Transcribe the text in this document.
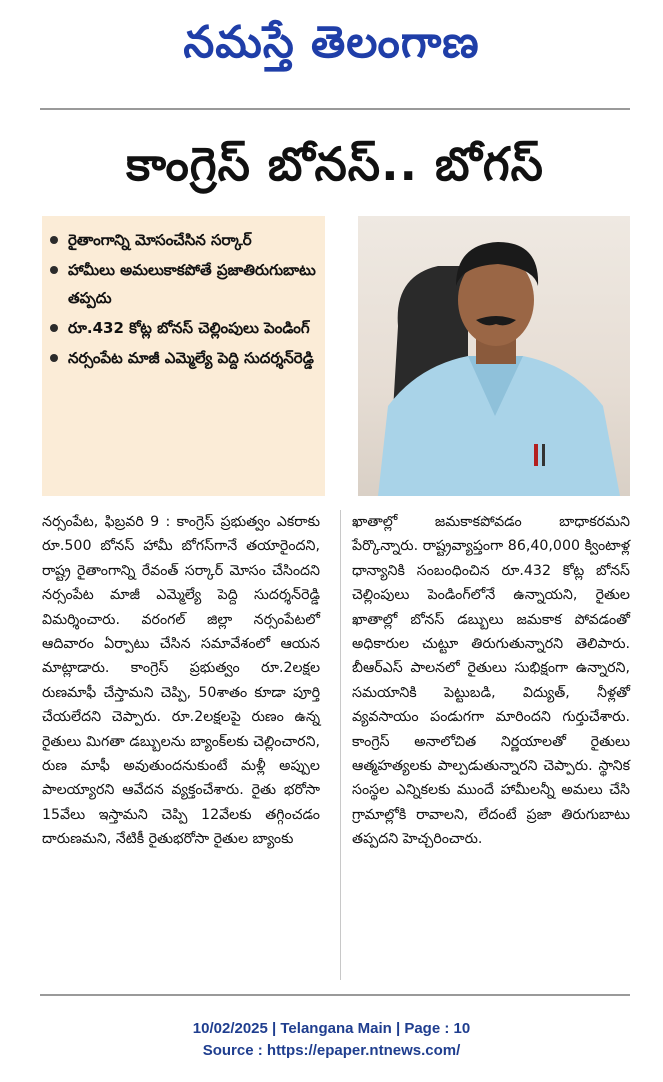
నమస్తే తెలంగాణ
కాంగ్రెస్ బోనస్.. బోగస్
రైతాంగాన్ని మోసంచేసిన సర్కార్
హామీలు అమలుకాకపోతే ప్రజాతిరుగుబాటు తప్పదు
రూ.432 కోట్ల బోనస్ చెల్లింపులు పెండింగ్
నర్సంపేట మాజీ ఎమ్మెల్యే పెద్ది సుదర్శన్‌రెడ్డి
నర్సంపేట, ఫిబ్రవరి 9 : కాంగ్రెస్ ప్రభుత్వం ఎకరాకు రూ.500 బోనస్ హామీ బోగస్‌గానే తయారైందని, రాష్ట్ర రైతాంగాన్ని రేవంత్ సర్కార్ మోసం చేసిందని నర్సంపేట మాజీ ఎమ్మెల్యే పెద్ది సుదర్శన్‌రెడ్డి విమర్శించారు. వరంగల్ జిల్లా నర్సంపేటలో ఆదివారం ఏర్పాటు చేసిన సమావేశంలో ఆయన మాట్లాడారు. కాంగ్రెస్ ప్రభుత్వం రూ.2లక్షల రుణమాఫీ చేస్తామని చెప్పి, 50శాతం కూడా పూర్తి చేయలేదని చెప్పారు. రూ.2లక్షలపై రుణం ఉన్న రైతులు మిగతా డబ్బులను బ్యాంక్‌లకు చెల్లించారని, రుణ మాఫీ అవుతుందనుకుంటే మళ్లీ అప్పుల పాలయ్యారని ఆవేదన వ్యక్తంచేశారు. రైతు భరోసా 15వేలు ఇస్తామని చెప్పి 12వేలకు తగ్గించడం దారుణమని, నేటికీ రైతుభరోసా రైతుల బ్యాంకు
ఖాతాల్లో జమకాకపోవడం బాధాకరమని పేర్కొన్నారు. రాష్ట్రవ్యాప్తంగా 86,40,000 క్వింటాళ్ల ధాన్యానికి సంబంధించిన రూ.432 కోట్ల బోనస్ చెల్లింపులు పెండింగ్‌లోనే ఉన్నాయని, రైతుల ఖాతాల్లో బోనస్ డబ్బులు జమకాక పోవడంతో అధికారుల చుట్టూ తిరుగుతున్నారని తెలిపారు. బీఆర్‌ఎస్ పాలనలో రైతులు సుభిక్షంగా ఉన్నారని, సమయానికి పెట్టుబడి, విద్యుత్, నీళ్లతో వ్యవసాయం పండుగగా మారిందని గుర్తుచేశారు. కాంగ్రెస్ అనాలోచిత నిర్ణయాలతో రైతులు ఆత్మహత్యలకు పాల్పడుతున్నారని చెప్పారు. స్థానిక సంస్థల ఎన్నికలకు ముందే హామీలన్నీ అమలు చేసి గ్రామాల్లోకి రావాలని, లేదంటే ప్రజా తిరుగుబాటు తప్పదని హెచ్చరించారు.
10/02/2025 | Telangana Main | Page : 10
Source : https://epaper.ntnews.com/
